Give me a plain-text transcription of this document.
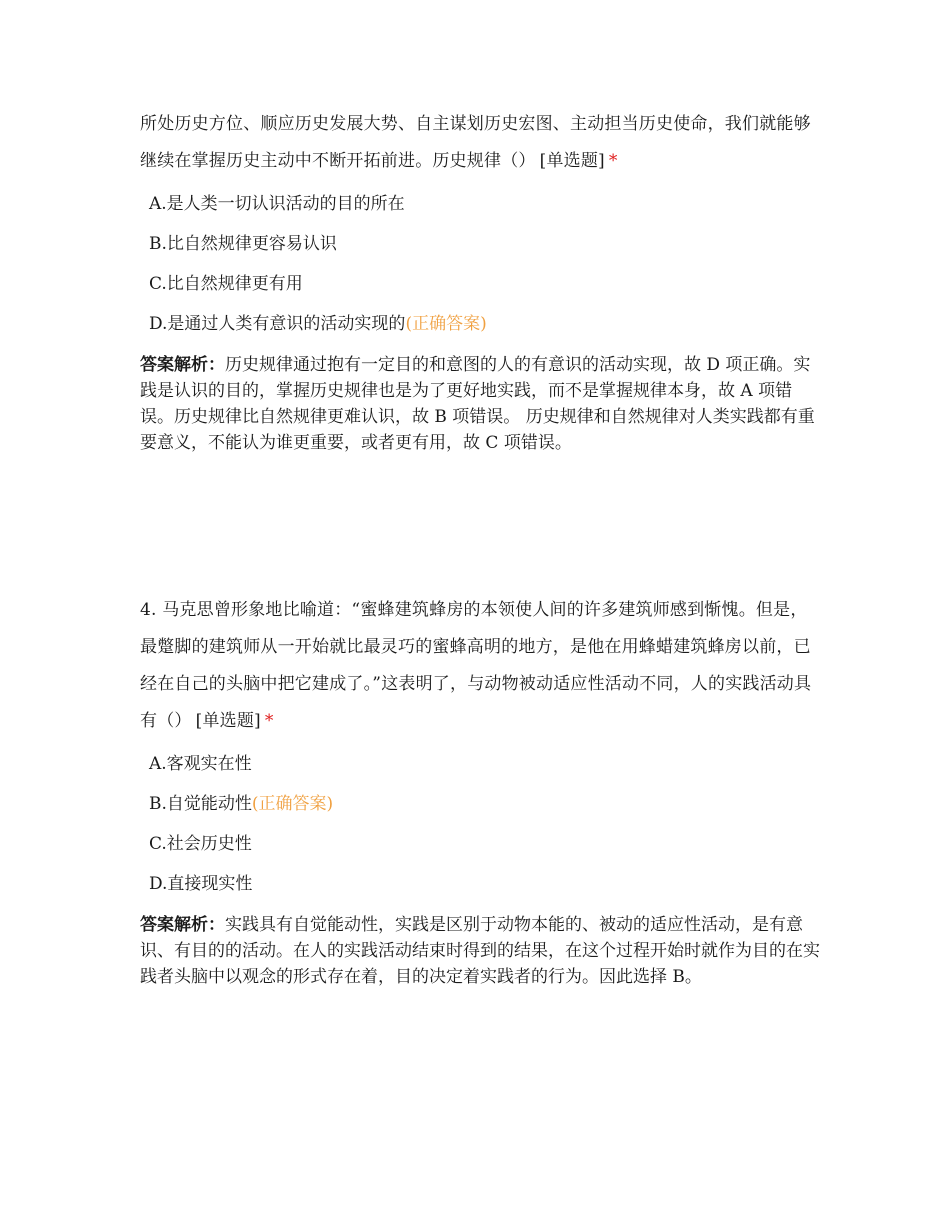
所处历史方位、顺应历史发展大势、自主谋划历史宏图、主动担当历史使命，我们就能够继续在掌握历史主动中不断开拓前进。历史规律（） [单选题] *

A.是人类一切认识活动的目的所在
B.比自然规律更容易认识
C.比自然规律更有用
D.是通过人类有意识的活动实现的(正确答案)

答案解析：历史规律通过抱有一定目的和意图的人的有意识的活动实现，故 D 项正确。实践是认识的目的，掌握历史规律也是为了更好地实践，而不是掌握规律本身，故 A 项错误。历史规律比自然规律更难认识，故 B 项错误。 历史规律和自然规律对人类实践都有重要意义，不能认为谁更重要，或者更有用，故 C 项错误。

4. 马克思曾形象地比喻道：“蜜蜂建筑蜂房的本领使人间的许多建筑师感到惭愧。但是，最蹩脚的建筑师从一开始就比最灵巧的蜜蜂高明的地方，是他在用蜂蜡建筑蜂房以前，已经在自己的头脑中把它建成了。”这表明了，与动物被动适应性活动不同，人的实践活动具有（） [单选题] *

A.客观实在性
B.自觉能动性(正确答案)
C.社会历史性
D.直接现实性

答案解析：实践具有自觉能动性，实践是区别于动物本能的、被动的适应性活动，是有意识、有目的的活动。在人的实践活动结束时得到的结果，在这个过程开始时就作为目的在实践者头脑中以观念的形式存在着，目的决定着实践者的行为。因此选择 B。
